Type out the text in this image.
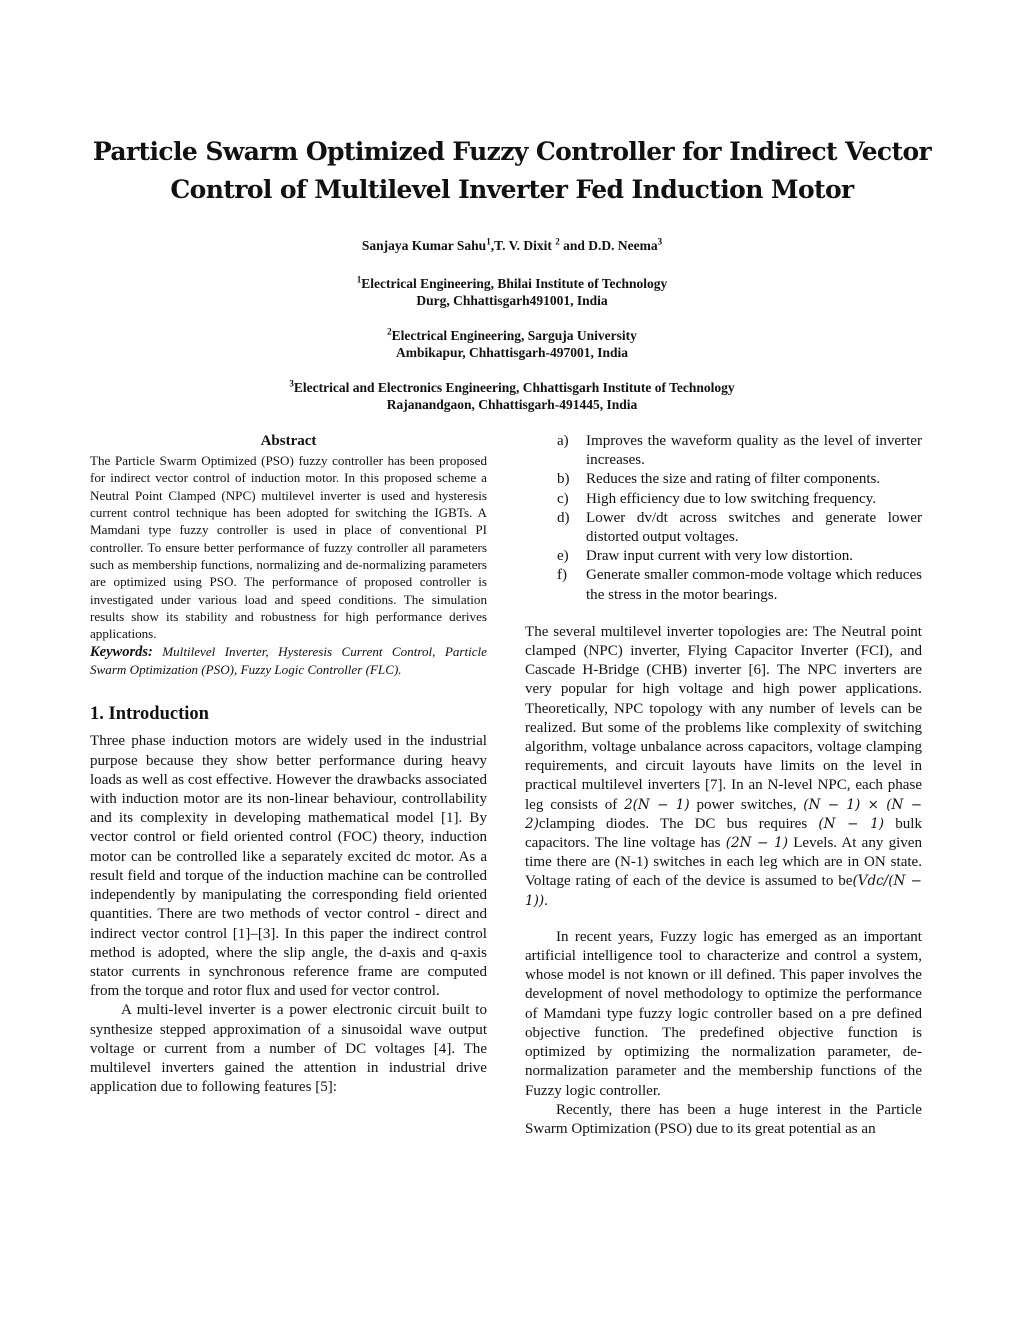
Particle Swarm Optimized Fuzzy Controller for Indirect Vector
Control of Multilevel Inverter Fed Induction Motor
Sanjaya Kumar Sahu$^1$,T. V. Dixit $^2$ and D.D. Neema$^3$
$^1$Electrical Engineering, Bhilai Institute of Technology
Durg, Chhattisgarh491001, India
$^2$Electrical Engineering, Sarguja University
Ambikapur, Chhattisgarh-497001, India
$^3$Electrical and Electronics Engineering, Chhattisgarh Institute of Technology
Rajanandgaon, Chhattisgarh-491445, India
Abstract

The Particle Swarm Optimized (PSO) fuzzy controller has been proposed for indirect vector control of induction motor. In this proposed scheme a Neutral Point Clamped (NPC) multilevel inverter is used and hysteresis current control technique has been adopted for switching the IGBTs. A Mamdani type fuzzy controller is used in place of conventional PI controller. To ensure better performance of fuzzy controller all parameters such as membership functions, normalizing and de-normalizing parameters are optimized using PSO. The performance of proposed controller is investigated under various load and speed conditions. The simulation results show its stability and robustness for high performance derives applications.

Keywords: Multilevel Inverter, Hysteresis Current Control, Particle Swarm Optimization (PSO), Fuzzy Logic Controller (FLC).

1. Introduction

Three phase induction motors are widely used in the industrial purpose because they show better performance during heavy loads as well as cost effective. However the drawbacks associated with induction motor are its non-linear behaviour, controllability and its complexity in developing mathematical model [1]. By vector control or field oriented control (FOC) theory, induction motor can be controlled like a separately excited dc motor. As a result field and torque of the induction machine can be controlled independently by manipulating the corresponding field oriented quantities. There are two methods of vector control - direct and indirect vector control [1]–[3]. In this paper the indirect control method is adopted, where the slip angle, the d-axis and q-axis stator currents in synchronous reference frame are computed from the torque and rotor flux and used for vector control.

A multi-level inverter is a power electronic circuit built to synthesize stepped approximation of a sinusoidal wave output voltage or current from a number of DC voltages [4]. The multilevel inverters gained the attention in industrial drive application due to following features [5]:

a) Improves the waveform quality as the level of inverter increases.
b) Reduces the size and rating of filter components.
c) High efficiency due to low switching frequency.
d) Lower dv/dt across switches and generate lower distorted output voltages.
e) Draw input current with very low distortion.
f) Generate smaller common-mode voltage which reduces the stress in the motor bearings.

The several multilevel inverter topologies are: The Neutral point clamped (NPC) inverter, Flying Capacitor Inverter (FCI), and Cascade H-Bridge (CHB) inverter [6]. The NPC inverters are very popular for high voltage and high power applications. Theoretically, NPC topology with any number of levels can be realized. But some of the problems like complexity of switching algorithm, voltage unbalance across capacitors, voltage clamping requirements, and circuit layouts have limits on the level in practical multilevel inverters [7]. In an N-level NPC, each phase leg consists of 2(N − 1) power switches, (N − 1) × (N − 2)clamping diodes. The DC bus requires (N − 1) bulk capacitors. The line voltage has (2N − 1) Levels. At any given time there are (N-1) switches in each leg which are in ON state. Voltage rating of each of the device is assumed to be(Vdc/(N − 1)).

In recent years, Fuzzy logic has emerged as an important artificial intelligence tool to characterize and control a system, whose model is not known or ill defined. This paper involves the development of novel methodology to optimize the performance of Mamdani type fuzzy logic controller based on a pre defined objective function. The predefined objective function is optimized by optimizing the normalization parameter, de-normalization parameter and the membership functions of the Fuzzy logic controller.

Recently, there has been a huge interest in the Particle Swarm Optimization (PSO) due to its great potential as an
